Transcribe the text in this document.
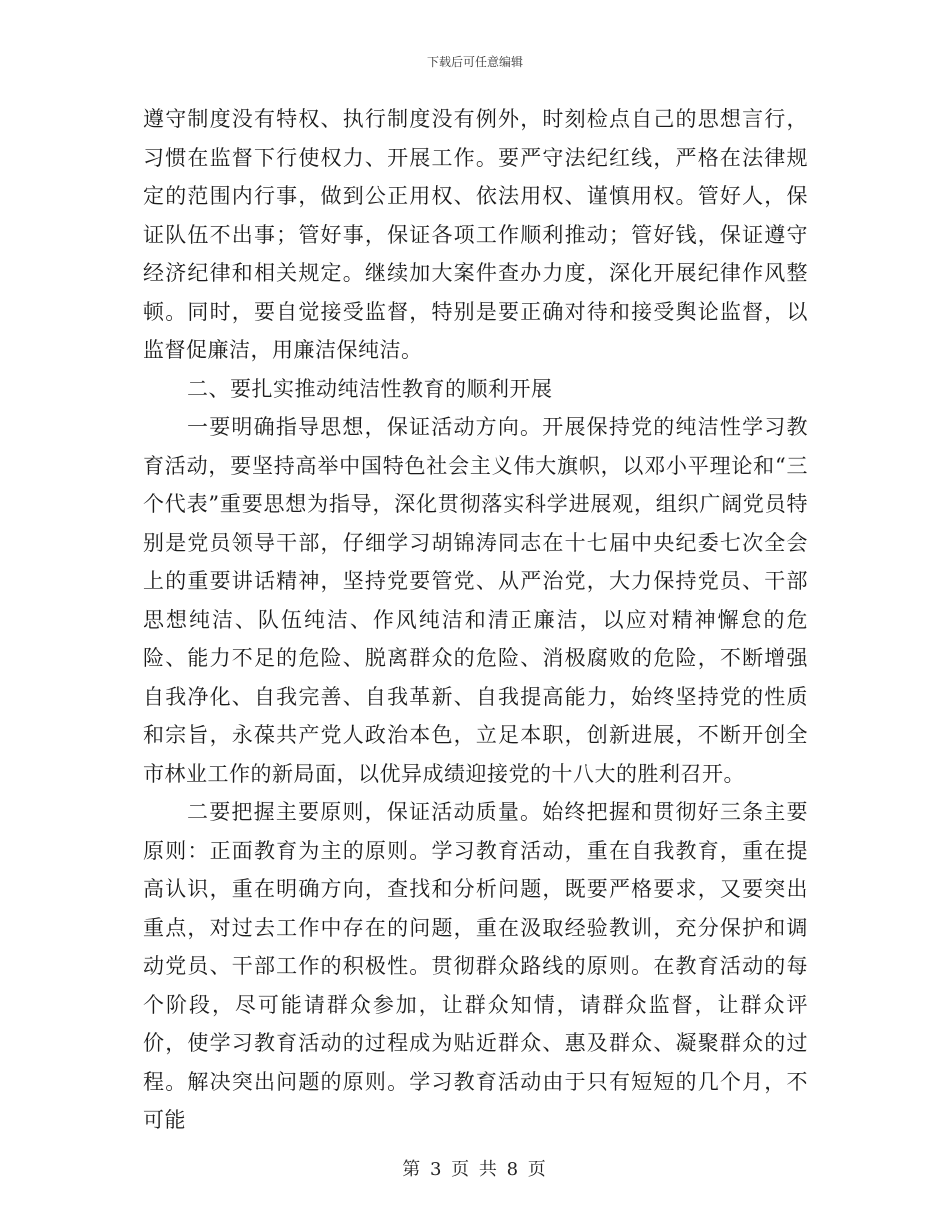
下载后可任意编辑

遵守制度没有特权、执行制度没有例外，时刻检点自己的思想言行，习惯在监督下行使权力、开展工作。要严守法纪红线，严格在法律规定的范围内行事，做到公正用权、依法用权、谨慎用权。管好人，保证队伍不出事；管好事，保证各项工作顺利推动；管好钱，保证遵守经济纪律和相关规定。继续加大案件查办力度，深化开展纪律作风整顿。同时，要自觉接受监督，特别是要正确对待和接受舆论监督，以监督促廉洁，用廉洁保纯洁。

二、要扎实推动纯洁性教育的顺利开展

一要明确指导思想，保证活动方向。开展保持党的纯洁性学习教育活动，要坚持高举中国特色社会主义伟大旗帜，以邓小平理论和“三个代表”重要思想为指导，深化贯彻落实科学进展观，组织广阔党员特别是党员领导干部，仔细学习胡锦涛同志在十七届中央纪委七次全会上的重要讲话精神，坚持党要管党、从严治党，大力保持党员、干部思想纯洁、队伍纯洁、作风纯洁和清正廉洁，以应对精神懈怠的危险、能力不足的危险、脱离群众的危险、消极腐败的危险，不断增强自我净化、自我完善、自我革新、自我提高能力，始终坚持党的性质和宗旨，永葆共产党人政治本色，立足本职，创新进展，不断开创全市林业工作的新局面，以优异成绩迎接党的十八大的胜利召开。

二要把握主要原则，保证活动质量。始终把握和贯彻好三条主要原则：正面教育为主的原则。学习教育活动，重在自我教育，重在提高认识，重在明确方向，查找和分析问题，既要严格要求，又要突出重点，对过去工作中存在的问题，重在汲取经验教训，充分保护和调动党员、干部工作的积极性。贯彻群众路线的原则。在教育活动的每个阶段，尽可能请群众参加，让群众知情，请群众监督，让群众评价，使学习教育活动的过程成为贴近群众、惠及群众、凝聚群众的过程。解决突出问题的原则。学习教育活动由于只有短短的几个月，不可能

第 3 页 共 8 页
